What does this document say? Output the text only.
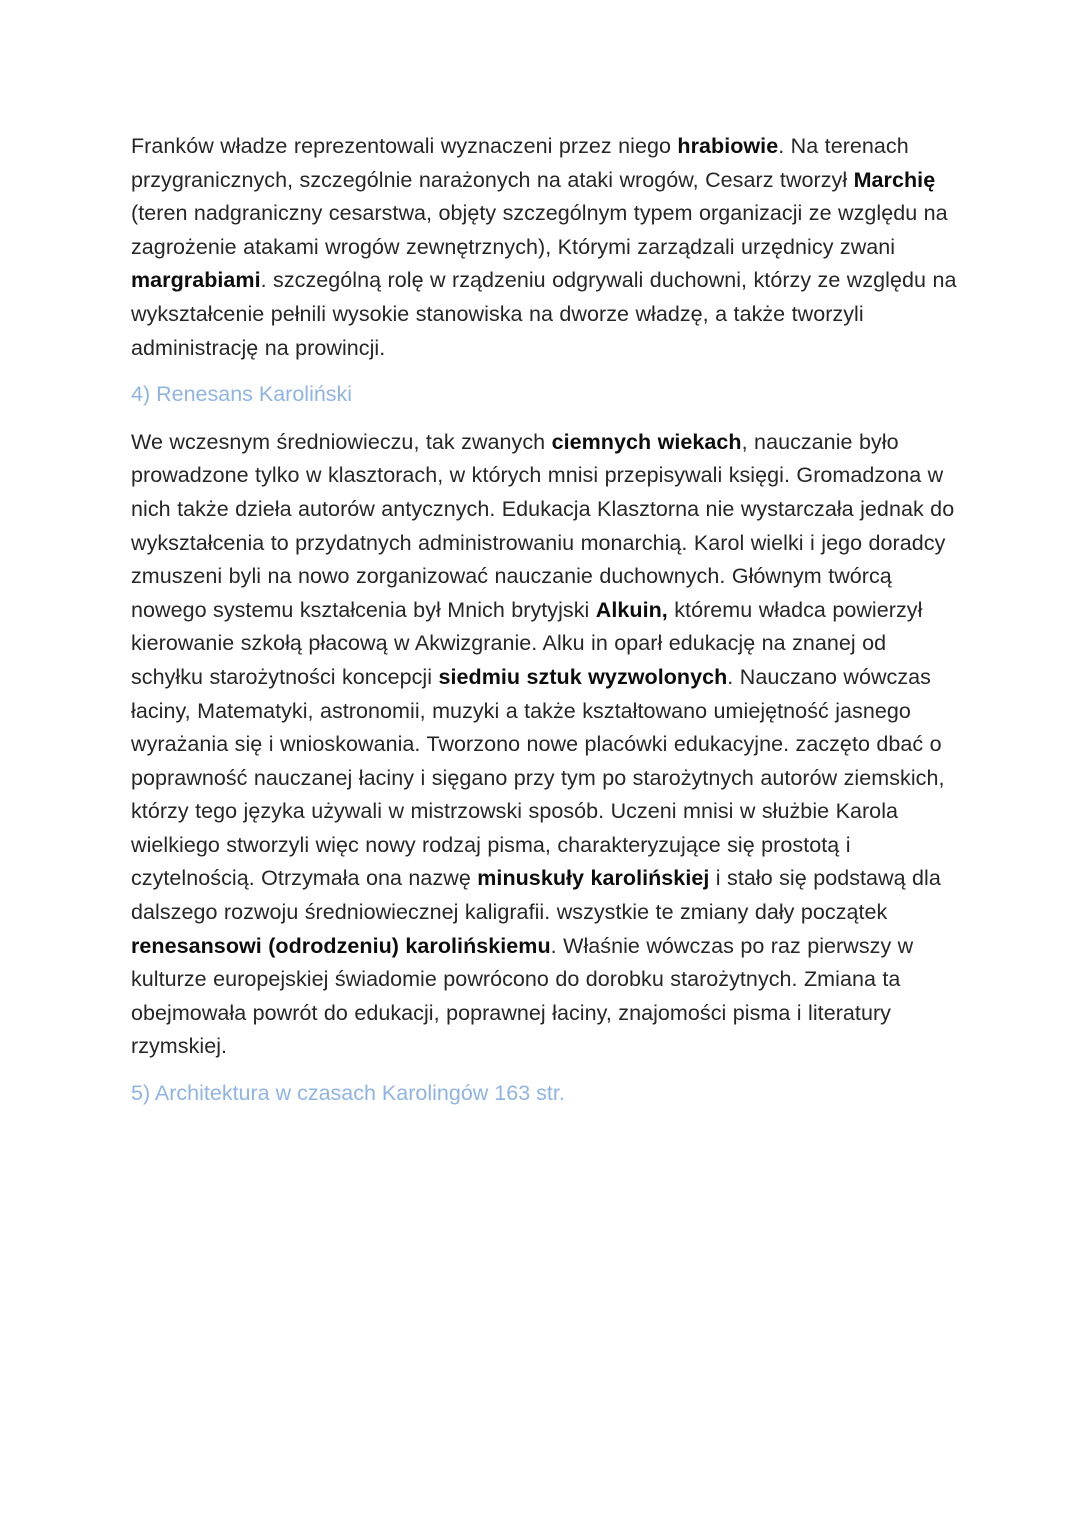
Franków władze reprezentowali wyznaczeni przez niego hrabiowie. Na terenach przygranicznych, szczególnie narażonych na ataki wrogów, Cesarz tworzył Marchię (teren nadgraniczny cesarstwa, objęty szczególnym typem organizacji ze względu na zagrożenie atakami wrogów zewnętrznych), Którymi zarządzali urzędnicy zwani margrabiami. szczególną rolę w rządzeniu odgrywali duchowni, którzy ze względu na wykształcenie pełnili wysokie stanowiska na dworze władzę, a także tworzyli administrację na prowincji.

4) Renesans Karoliński

We wczesnym średniowieczu, tak zwanych ciemnych wiekach, nauczanie było prowadzone tylko w klasztorach, w których mnisi przepisywali księgi. Gromadzona w nich także dzieła autorów antycznych. Edukacja Klasztorna nie wystarczała jednak do wykształcenia to przydatnych administrowaniu monarchią. Karol wielki i jego doradcy zmuszeni byli na nowo zorganizować nauczanie duchownych. Głównym twórcą nowego systemu kształcenia był Mnich brytyjski Alkuin, któremu władca powierzył kierowanie szkołą płacową w Akwizgranie. Alku in oparł edukację na znanej od schyłku starożytności koncepcji siedmiu sztuk wyzwolonych. Nauczano wówczas łaciny, Matematyki, astronomii, muzyki a także kształtowano umiejętność jasnego wyrażania się i wnioskowania. Tworzono nowe placówki edukacyjne. zaczęto dbać o poprawność nauczanej łaciny i sięgano przy tym po starożytnych autorów ziemskich, którzy tego języka używali w mistrzowski sposób. Uczeni mnisi w służbie Karola wielkiego stworzyli więc nowy rodzaj pisma, charakteryzujące się prostotą i czytelnością. Otrzymała ona nazwę minuskuły karolińskiej i stało się podstawą dla dalszego rozwoju średniowiecznej kaligrafii. wszystkie te zmiany dały początek renesansowi (odrodzeniu) karolińskiemu. Właśnie wówczas po raz pierwszy w kulturze europejskiej świadomie powrócono do dorobku starożytnych. Zmiana ta obejmowała powrót do edukacji, poprawnej łaciny, znajomości pisma i literatury rzymskiej.

5) Architektura w czasach Karolingów 163 str.
